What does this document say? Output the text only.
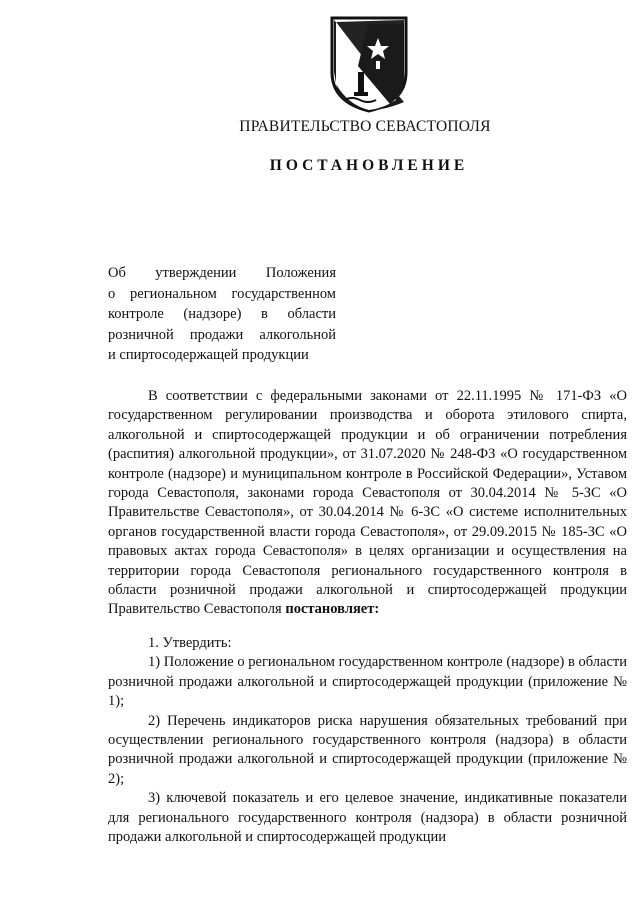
ПРАВИТЕЛЬСТВО СЕВАСТОПОЛЯ
ПОСТАНОВЛЕНИЕ
Об утверждении Положения
о региональном государственном
контроле (надзоре) в области
розничной продажи алкогольной
и спиртосодержащей продукции

В соответствии с федеральными законами от 22.11.1995 № 171-ФЗ «О государственном регулировании производства и оборота этилового спирта, алкогольной и спиртосодержащей продукции и об ограничении потребления (распития) алкогольной продукции», от 31.07.2020 № 248-ФЗ «О государственном контроле (надзоре) и муниципальном контроле в Российской Федерации», Уставом города Севастополя, законами города Севастополя от 30.04.2014 № 5-ЗС «О Правительстве Севастополя», от 30.04.2014 № 6-ЗС «О системе исполнительных органов государственной власти города Севастополя», от 29.09.2015 № 185-ЗС «О правовых актах города Севастополя» в целях организации и осуществления на территории города Севастополя регионального государственного контроля в области розничной продажи алкогольной и спиртосодержащей продукции Правительство Севастополя постановляет:

1. Утвердить:

1) Положение о региональном государственном контроле (надзоре) в области розничной продажи алкогольной и спиртосодержащей продукции (приложение № 1);

2) Перечень индикаторов риска нарушения обязательных требований при осуществлении регионального государственного контроля (надзора) в области розничной продажи алкогольной и спиртосодержащей продукции (приложение № 2);

3) ключевой показатель и его целевое значение, индикативные показатели для регионального государственного контроля (надзора) в области розничной продажи алкогольной и спиртосодержащей продукции
